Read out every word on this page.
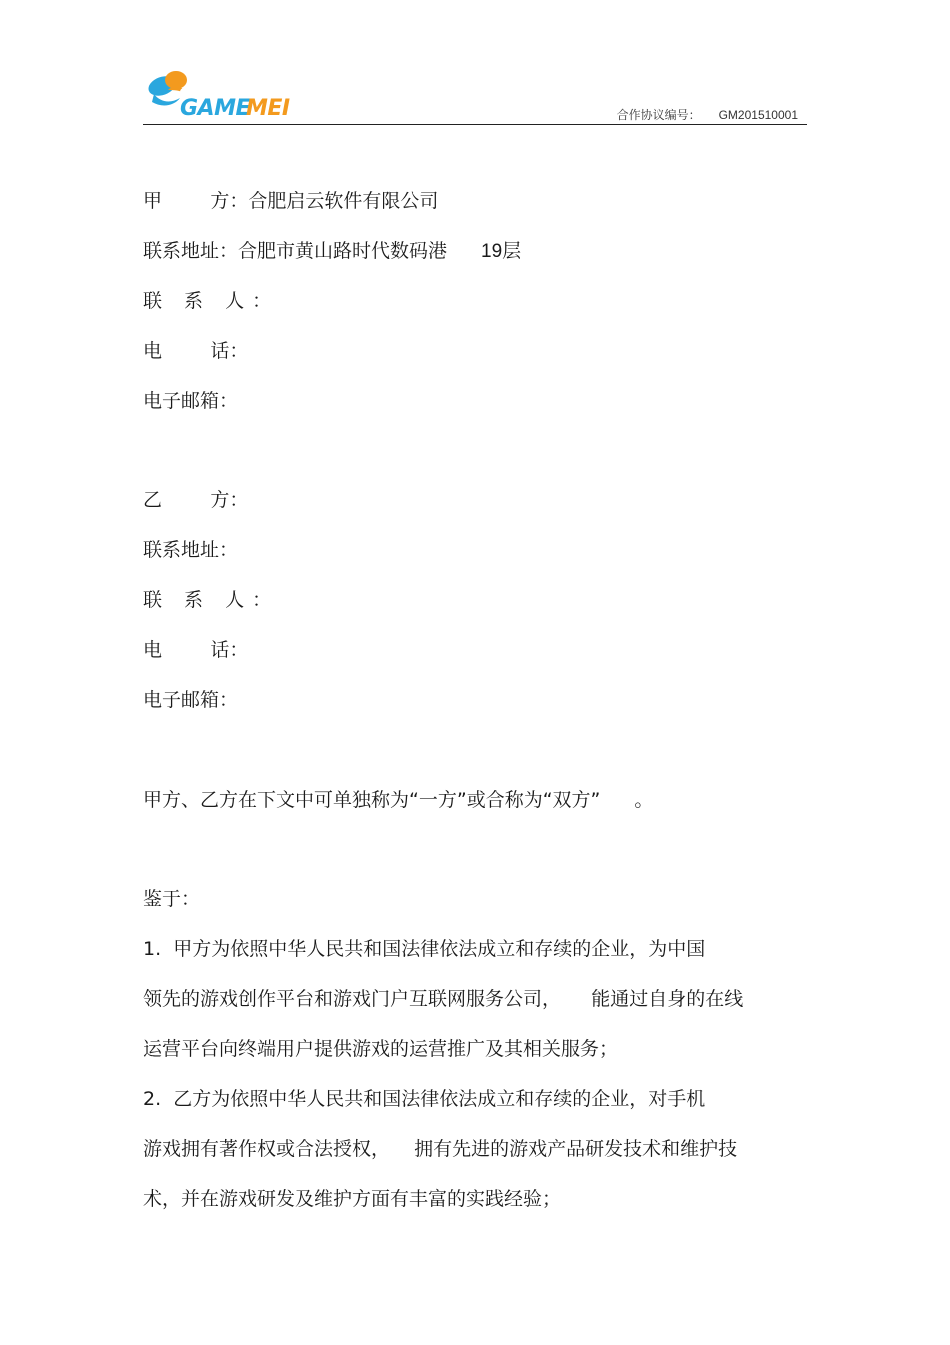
GAME
MEI	合作协议编号： GM201510001
甲        方：合肥启云软件有限公司
联系地址：合肥市黄山路时代数码港 19层
联 系 人：
电        话：
电子邮箱：
乙        方：
联系地址：
联 系 人：
电        话：
电子邮箱：
甲方、乙方在下文中可单独称为“一方”或合称为“双方” 。
鉴于：
1.  甲方为依照中华人民共和国法律依法成立和存续的企业，为中国
领先的游戏创作平台和游戏门户互联网服务公司，     能通过自身的在线
运营平台向终端用户提供游戏的运营推广及其相关服务；
2.  乙方为依照中华人民共和国法律依法成立和存续的企业，对手机
游戏拥有著作权或合法授权，    拥有先进的游戏产品研发技术和维护技
术，并在游戏研发及维护方面有丰富的实践经验；
